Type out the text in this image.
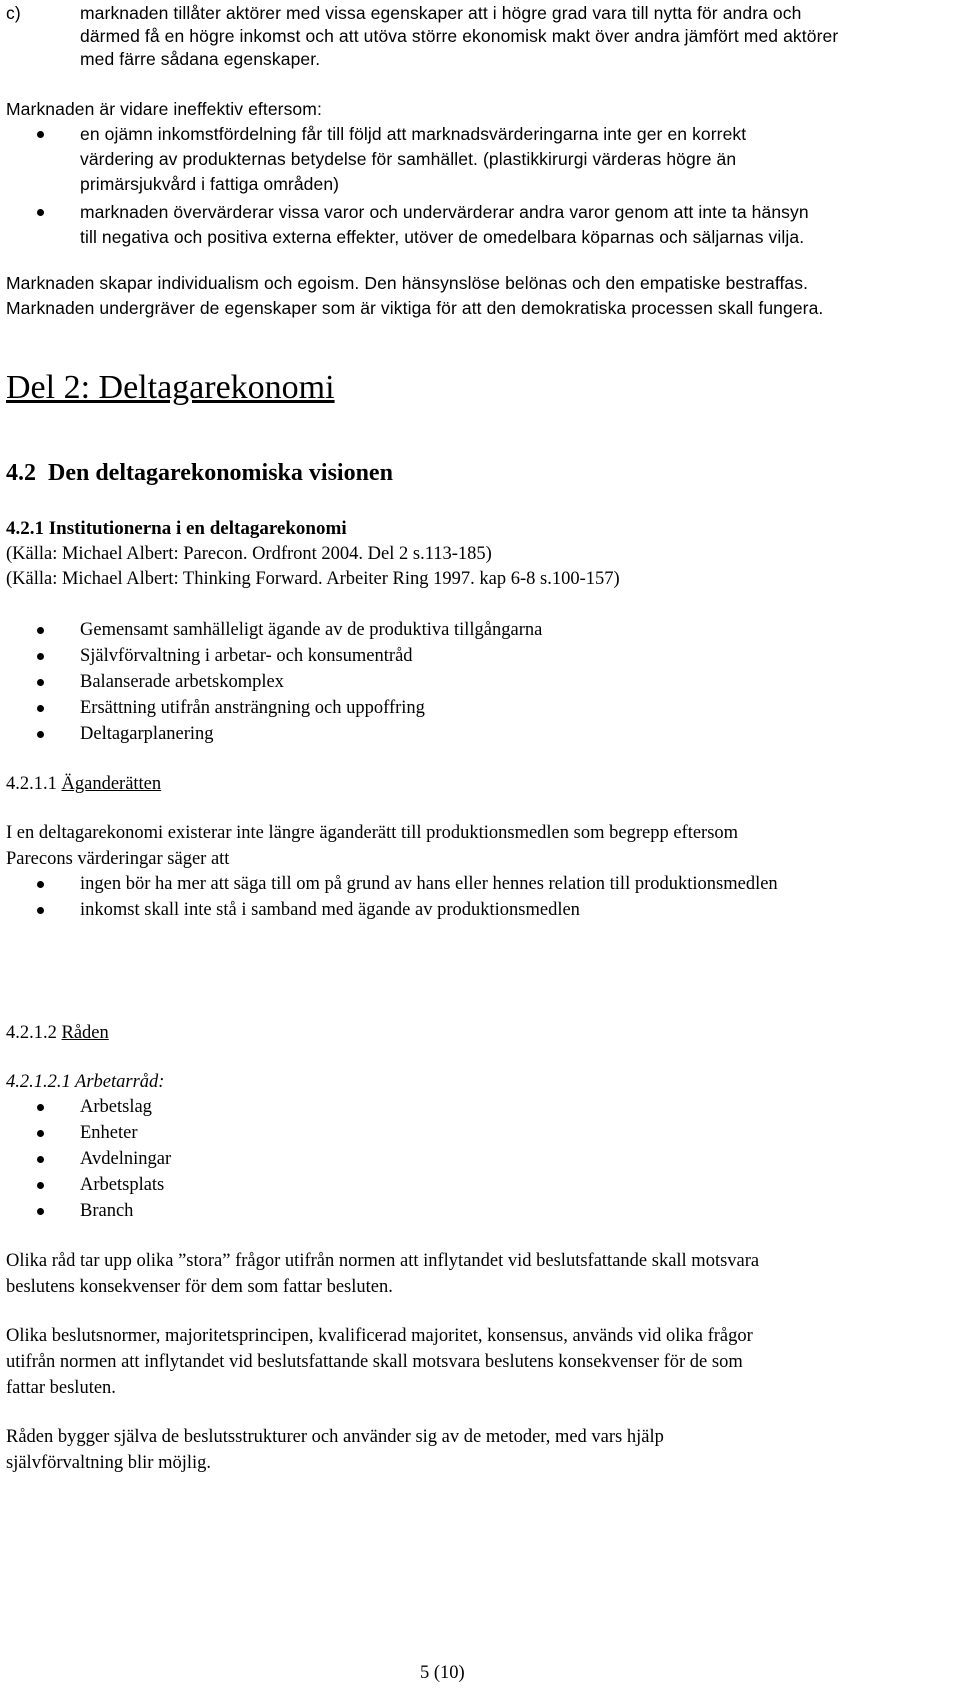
c)	marknaden tillåter aktörer med vissa egenskaper att i högre grad vara till nytta för andra och
därmed få en högre inkomst och att utöva större ekonomisk makt över andra jämfört med aktörer
med färre sådana egenskaper.
Marknaden är vidare ineffektiv eftersom:
en ojämn inkomstfördelning får till följd att marknadsvärderingarna inte ger en korrekt
värdering av produkternas betydelse för samhället. (plastikkirurgi värderas högre än
primärsjukvård i fattiga områden)
marknaden övervärderar vissa varor och undervärderar andra varor genom att inte ta hänsyn
till negativa och positiva externa effekter, utöver de omedelbara köparnas och säljarnas vilja.
Marknaden skapar individualism och egoism. Den hänsynslöse belönas och den empatiske bestraffas.
Marknaden undergräver de egenskaper som är viktiga för att den demokratiska processen skall fungera.
Del 2: Deltagarekonomi
4.2  Den deltagarekonomiska visionen
4.2.1 Institutionerna i en deltagarekonomi
(Källa: Michael Albert: Parecon. Ordfront 2004. Del 2 s.113-185)
(Källa: Michael Albert: Thinking Forward. Arbeiter Ring 1997. kap 6-8 s.100-157)
Gemensamt samhälleligt ägande av de produktiva tillgångarna
Självförvaltning i arbetar- och konsumentråd
Balanserade arbetskomplex
Ersättning utifrån ansträngning och uppoffring
Deltagarplanering
4.2.1.1 Äganderätten
I en deltagarekonomi existerar inte längre äganderätt till produktionsmedlen som begrepp eftersom
Parecons värderingar säger att
ingen bör ha mer att säga till om på grund av hans eller hennes relation till produktionsmedlen
inkomst skall inte stå i samband med ägande av produktionsmedlen
4.2.1.2 Råden
4.2.1.2.1 Arbetarråd:
Arbetslag
Enheter
Avdelningar
Arbetsplats
Branch
Olika råd tar upp olika ”stora” frågor utifrån normen att inflytandet vid beslutsfattande skall motsvara
beslutens konsekvenser för dem som fattar besluten.
Olika beslutsnormer, majoritetsprincipen, kvalificerad majoritet, konsensus, används vid olika frågor
utifrån normen att inflytandet vid beslutsfattande skall motsvara beslutens konsekvenser för de som
fattar besluten.
Råden bygger själva de beslutsstrukturer och använder sig av de metoder, med vars hjälp
självförvaltning blir möjlig.
5 (10)
